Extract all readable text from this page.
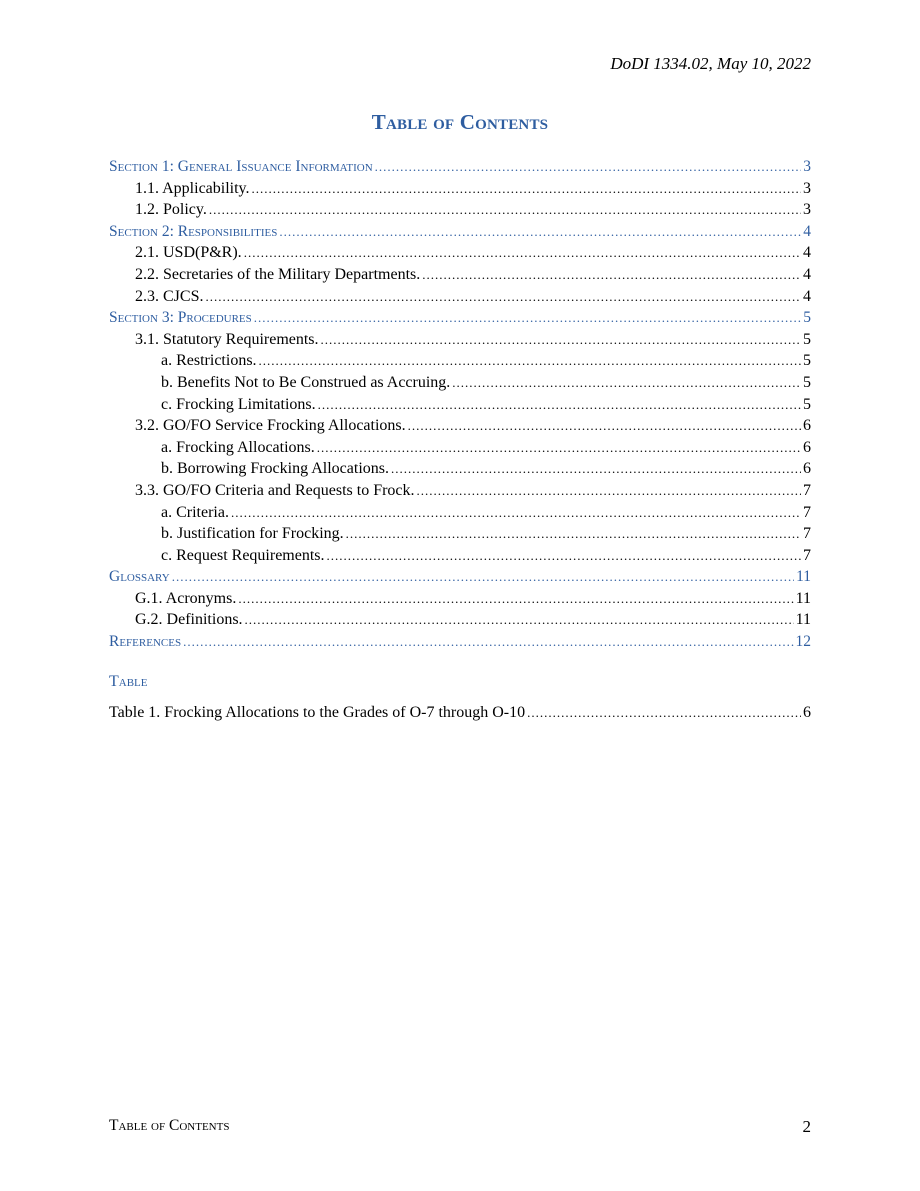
DoDI 1334.02, May 10, 2022
Table of Contents
Section 1: General Issuance Information .....	3
1.1. Applicability. .....	3
1.2. Policy. .....	3
Section 2: Responsibilities .....	4
2.1. USD(P&R). .....	4
2.2. Secretaries of the Military Departments. .....	4
2.3. CJCS. .....	4
Section 3: Procedures .....	5
3.1. Statutory Requirements. .....	5
a. Restrictions. .....	5
b. Benefits Not to Be Construed as Accruing. .....	5
c. Frocking Limitations. .....	5
3.2. GO/FO Service Frocking Allocations. .....	6
a. Frocking Allocations. .....	6
b. Borrowing Frocking Allocations. .....	6
3.3. GO/FO Criteria and Requests to Frock. .....	7
a. Criteria. .....	7
b. Justification for Frocking. .....	7
c. Request Requirements. .....	7
Glossary .....	11
G.1. Acronyms. .....	11
G.2. Definitions. .....	11
References .....	12
Table
Table 1. Frocking Allocations to the Grades of O-7 through O-10 .....	6
Table of Contents	2
